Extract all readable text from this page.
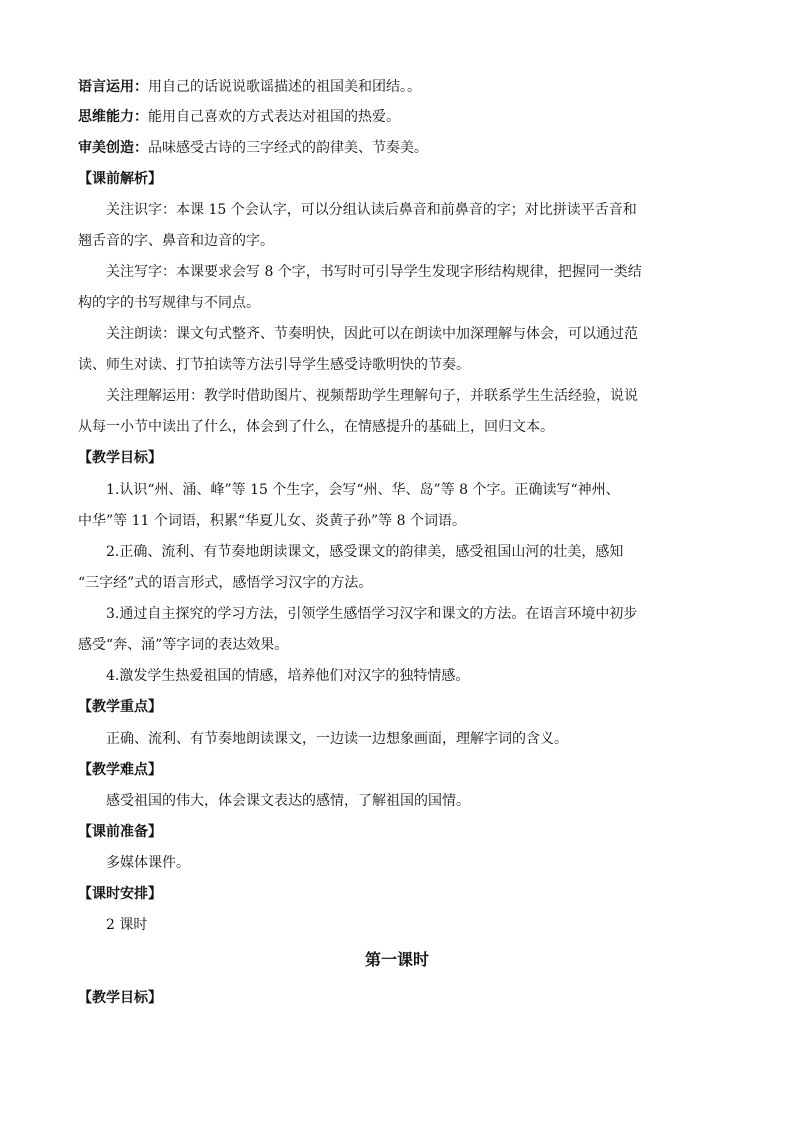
语言运用：用自己的话说说歌谣描述的祖国美和团结。。
思维能力：能用自己喜欢的方式表达对祖国的热爱。
审美创造：品味感受古诗的三字经式的韵律美、节奏美。
【课前解析】
关注识字：本课 15 个会认字，可以分组认读后鼻音和前鼻音的字；对比拼读平舌音和
翘舌音的字、鼻音和边音的字。
关注写字：本课要求会写 8 个字，书写时可引导学生发现字形结构规律，把握同一类结
构的字的书写规律与不同点。
关注朗读：课文句式整齐、节奏明快，因此可以在朗读中加深理解与体会，可以通过范
读、师生对读、打节拍读等方法引导学生感受诗歌明快的节奏。
关注理解运用：教学时借助图片、视频帮助学生理解句子，并联系学生生活经验，说说
从每一小节中读出了什么，体会到了什么，在情感提升的基础上，回归文本。
【教学目标】
1.认识“州、涌、峰”等 15 个生字，会写“州、华、岛”等 8 个字。正确读写“神州、
中华”等 11 个词语，积累“华夏儿女、炎黄子孙”等 8 个词语。
2.正确、流利、有节奏地朗读课文，感受课文的韵律美，感受祖国山河的壮美，感知
“三字经”式的语言形式，感悟学习汉字的方法。
3.通过自主探究的学习方法，引领学生感悟学习汉字和课文的方法。在语言环境中初步
感受“奔、涌”等字词的表达效果。
4.激发学生热爱祖国的情感，培养他们对汉字的独特情感。
【教学重点】
正确、流利、有节奏地朗读课文，一边读一边想象画面，理解字词的含义。
【教学难点】
感受祖国的伟大，体会课文表达的感情，了解祖国的国情。
【课前准备】
多媒体课件。
【课时安排】
2 课时
第一课时
【教学目标】
